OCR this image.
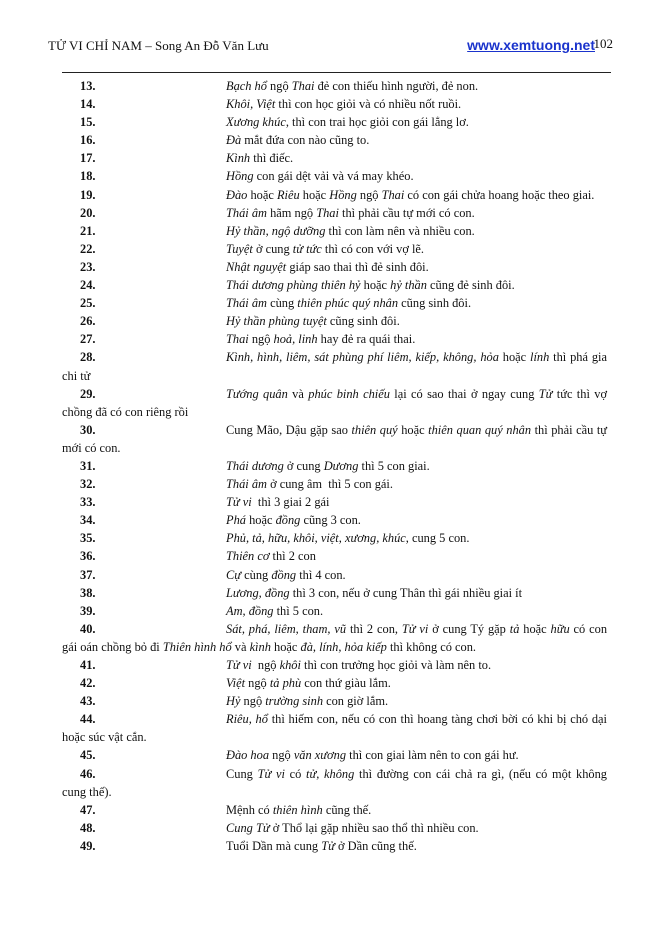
TỬ VI CHỈ NAM – Song An Đỗ Văn Lưu	www.xemtuong.net
102
13.	Bạch hổ ngộ Thai đẻ con thiếu hình người, đẻ non.
14.	Khôi, Việt thì con học giỏi và có nhiều nốt ruồi.
15.	Xương khúc, thì con trai học giỏi con gái lẳng lơ.
16.	Đà mắt đứa con nào cũng to.
17.	Kình thì điếc.
18.	Hồng con gái dệt vải và vá may khéo.
19.	Đào hoặc Riêu hoặc Hồng ngộ Thai có con gái chửa hoang hoặc theo giai.
20.	Thái âm hãm ngộ Thai thì phải cầu tự mới có con.
21.	Hỷ thần, ngộ dưỡng thì con làm nên và nhiều con.
22.	Tuyệt ở cung tử tức thì có con với vợ lẽ.
23.	Nhật nguyệt giáp sao thai thì đẻ sinh đôi.
24.	Thái dương phùng thiên hỷ hoặc hỷ thần cũng đẻ sinh đôi.
25.	Thái âm cùng thiên phúc quý nhân cũng sinh đôi.
26.	Hỷ thần phùng tuyệt cũng sinh đôi.
27.	Thai ngộ hoả, linh hay đẻ ra quái thai.
28.	Kình, hình, liêm, sát phùng phí liêm, kiếp, không, hỏa hoặc lính thì phá gia chi tử
29.	Tướng quân và phúc binh chiếu lại có sao thai ở ngay cung Tử tức thì vợ chồng đã có con riêng rồi
30.	Cung Mão, Dậu gặp sao thiên quý hoặc thiên quan quý nhân thì phải cầu tự mới có con.
31.	Thái dương ở cung Dương thì 5 con giai.
32.	Thái âm ở cung âm  thì 5 con gái.
33.	Tử vi  thì 3 giai 2 gái
34.	Phá hoặc đồng cũng 3 con.
35.	Phủ, tả, hữu, khôi, việt, xương, khúc, cung 5 con.
36.	Thiên cơ thì 2 con
37.	Cự cùng đồng thì 4 con.
38.	Lương, đồng thì 3 con, nếu ở cung Thân thì gái nhiều giai ít
39.	Am, đồng thì 5 con.
40.	Sát, phá, liêm, tham, vũ thì 2 con, Tử vi ở cung Tý gặp tả hoặc hữu có con gái oán chồng bỏ đi Thiên hình hổ và kình hoặc đà, lính, hỏa kiếp thì không có con.
41.	Tử vi  ngộ khôi thì con trưởng học giỏi và làm nên to.
42.	Việt ngộ tả phù con thứ giàu lắm.
43.	Hỷ ngộ trường sinh con giờ lắm.
44.	Riêu, hổ thì hiếm con, nếu có con thì hoang tàng chơi bời có khi bị chó dại hoặc súc vật cắn.
45.	Đào hoa ngộ văn xương thì con giai làm nên to con gái hư.
46.	Cung Tử vi có tử, không thì đường con cái chả ra gì, (nếu có một không cung thế).
47.	Mệnh có thiên hình cũng thế.
48.	Cung Tử ở Thổ lại gặp nhiều sao thổ thì nhiều con.
49.	Tuổi Dần mà cung Tử ở Dần cũng thế.
